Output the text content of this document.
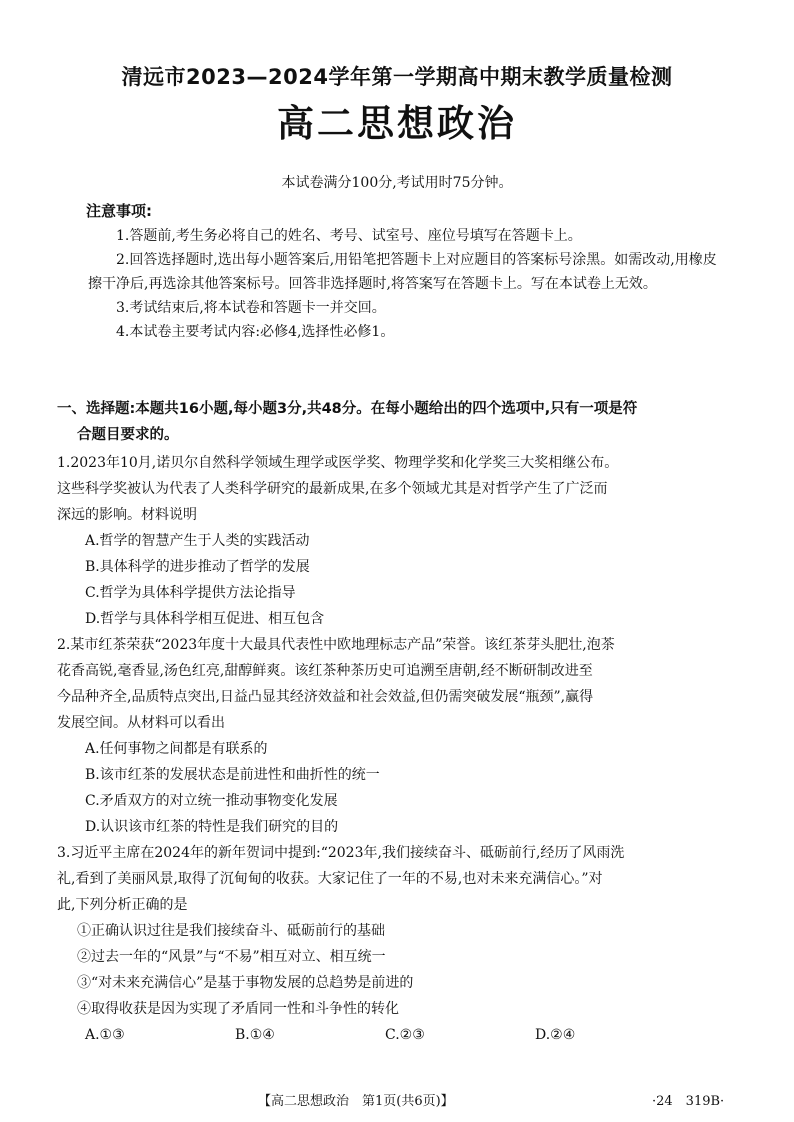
清远市2023—2024学年第一学期高中期末教学质量检测
高二思想政治
本试卷满分100分,考试用时75分钟。
注意事项:
1.答题前,考生务必将自己的姓名、考号、试室号、座位号填写在答题卡上。
2.回答选择题时,选出每小题答案后,用铅笔把答题卡上对应题目的答案标号涂黑。如需改动,用橡皮擦干净后,再选涂其他答案标号。回答非选择题时,将答案写在答题卡上。写在本试卷上无效。
3.考试结束后,将本试卷和答题卡一并交回。
4.本试卷主要考试内容:必修4,选择性必修1。
一、选择题:本题共16小题,每小题3分,共48分。在每小题给出的四个选项中,只有一项是符
合题目要求的。
1.2023年10月,诺贝尔自然科学领域生理学或医学奖、物理学奖和化学奖三大奖相继公布。
这些科学奖被认为代表了人类科学研究的最新成果,在多个领域尤其是对哲学产生了广泛而
深远的影响。材料说明
A.哲学的智慧产生于人类的实践活动
B.具体科学的进步推动了哲学的发展
C.哲学为具体科学提供方法论指导
D.哲学与具体科学相互促进、相互包含
2.某市红茶荣获“2023年度十大最具代表性中欧地理标志产品”荣誉。该红茶芽头肥壮,泡茶
花香高锐,毫香显,汤色红亮,甜醇鲜爽。该红茶种茶历史可追溯至唐朝,经不断研制改进至
今品种齐全,品质特点突出,日益凸显其经济效益和社会效益,但仍需突破发展“瓶颈”,赢得
发展空间。从材料可以看出
A.任何事物之间都是有联系的
B.该市红茶的发展状态是前进性和曲折性的统一
C.矛盾双方的对立统一推动事物变化发展
D.认识该市红茶的特性是我们研究的目的
3.习近平主席在2024年的新年贺词中提到:“2023年,我们接续奋斗、砥砺前行,经历了风雨洗
礼,看到了美丽风景,取得了沉甸甸的收获。大家记住了一年的不易,也对未来充满信心。”对
此,下列分析正确的是
①正确认识过往是我们接续奋斗、砥砺前行的基础
②过去一年的“风景”与“不易”相互对立、相互统一
③“对未来充满信心”是基于事物发展的总趋势是前进的
④取得收获是因为实现了矛盾同一性和斗争性的转化
A.①③	B.①④	C.②③	D.②④
【高二思想政治　第1页(共6页)】	·24　319B·
